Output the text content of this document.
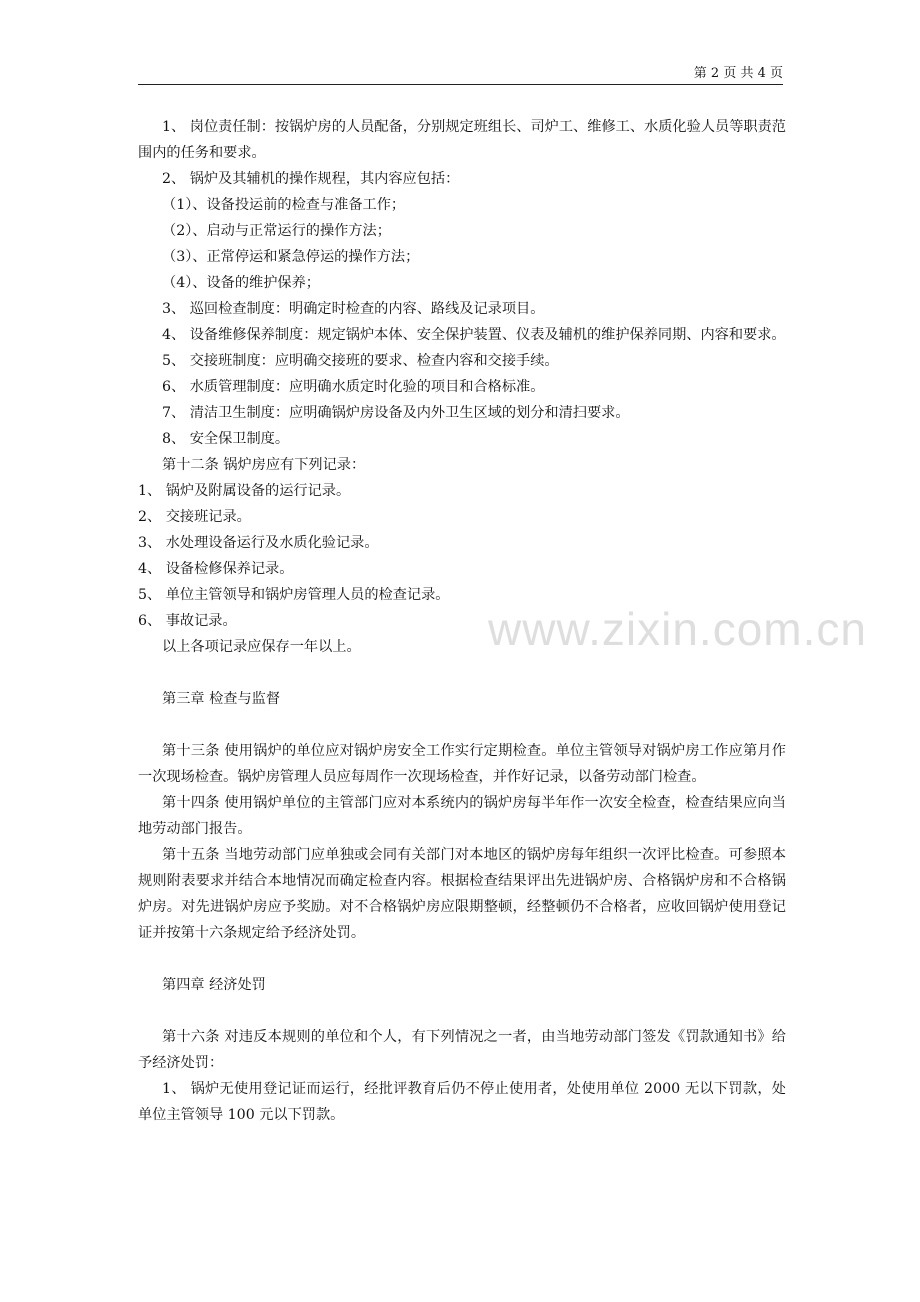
第 2 页 共 4 页

1、 岗位责任制：按锅炉房的人员配备，分别规定班组长、司炉工、维修工、水质化验人员等职责范围内的任务和要求。

2、 锅炉及其辅机的操作规程，其内容应包括：

（1）、设备投运前的检查与准备工作；

（2）、启动与正常运行的操作方法；

（3）、正常停运和紧急停运的操作方法；

（4）、设备的维护保养；

3、 巡回检查制度：明确定时检查的内容、路线及记录项目。

4、 设备维修保养制度：规定锅炉本体、安全保护装置、仪表及辅机的维护保养同期、内容和要求。

5、 交接班制度：应明确交接班的要求、检查内容和交接手续。

6、 水质管理制度：应明确水质定时化验的项目和合格标准。

7、 清洁卫生制度：应明确锅炉房设备及内外卫生区域的划分和清扫要求。

8、 安全保卫制度。

第十二条 锅炉房应有下列记录：

1、 锅炉及附属设备的运行记录。

2、 交接班记录。

3、 水处理设备运行及水质化验记录。

4、 设备检修保养记录。

5、 单位主管领导和锅炉房管理人员的检查记录。

6、 事故记录。

以上各项记录应保存一年以上。

第三章 检查与监督

第十三条 使用锅炉的单位应对锅炉房安全工作实行定期检查。单位主管领导对锅炉房工作应第月作一次现场检查。锅炉房管理人员应每周作一次现场检查，并作好记录，以备劳动部门检查。

第十四条 使用锅炉单位的主管部门应对本系统内的锅炉房每半年作一次安全检查，检查结果应向当地劳动部门报告。

第十五条 当地劳动部门应单独或会同有关部门对本地区的锅炉房每年组织一次评比检查。可参照本规则附表要求并结合本地情况而确定检查内容。根据检查结果评出先进锅炉房、合格锅炉房和不合格锅炉房。对先进锅炉房应予奖励。对不合格锅炉房应限期整顿，经整顿仍不合格者，应收回锅炉使用登记证并按第十六条规定给予经济处罚。

第四章 经济处罚

第十六条 对违反本规则的单位和个人，有下列情况之一者，由当地劳动部门签发《罚款通知书》给予经济处罚：

1、 锅炉无使用登记证而运行，经批评教育后仍不停止使用者，处使用单位 2000 无以下罚款，处单位主管领导 100 元以下罚款。

www.zixin.com.cn
